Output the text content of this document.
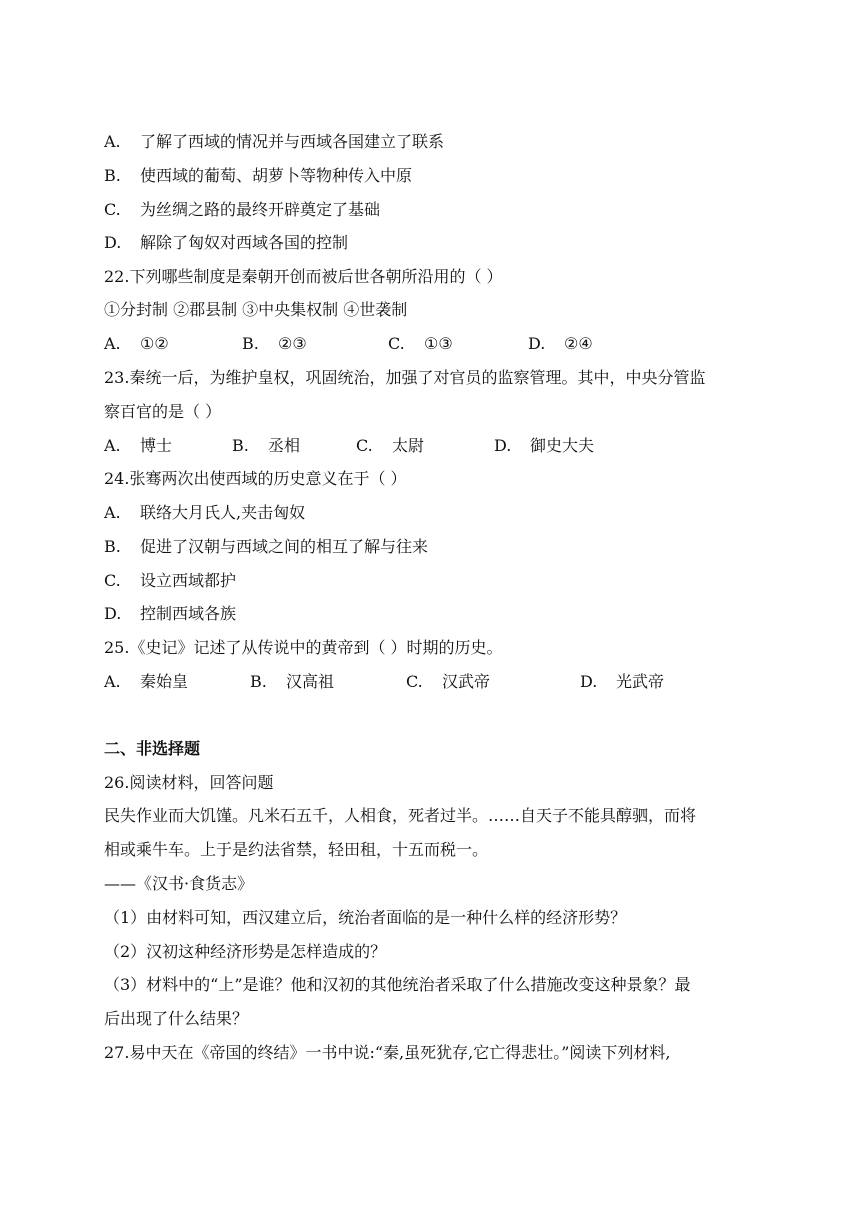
A. 了解了西域的情况并与西域各国建立了联系
B. 使西域的葡萄、胡萝卜等物种传入中原
C. 为丝绸之路的最终开辟奠定了基础
D. 解除了匈奴对西域各国的控制
22.下列哪些制度是秦朝开创而被后世各朝所沿用的（ ）
①分封制 ②郡县制 ③中央集权制 ④世袭制
A. ①②	B. ②③	C. ①③	D. ②④
23.秦统一后，为维护皇权，巩固统治，加强了对官员的监察管理。其中，中央分管监
察百官的是（ ）
A. 博士	B. 丞相	C. 太尉	D. 御史大夫
24.张骞两次出使西域的历史意义在于（ ）
A. 联络大月氏人,夹击匈奴
B. 促进了汉朝与西域之间的相互了解与往来
C. 设立西域都护
D. 控制西域各族
25.《史记》记述了从传说中的黄帝到（ ）时期的历史。
A. 秦始皇	B. 汉高祖	C. 汉武帝	D. 光武帝
二、非选择题
26.阅读材料，回答问题
民失作业而大饥馑。凡米石五千，人相食，死者过半。……自天子不能具醇驷，而将
相或乘牛车。上于是约法省禁，轻田租，十五而税一。
——《汉书·食货志》
（1）由材料可知，西汉建立后，统治者面临的是一种什么样的经济形势？
（2）汉初这种经济形势是怎样造成的？
（3）材料中的“上”是谁？他和汉初的其他统治者采取了什么措施改变这种景象？最
后出现了什么结果？
27.易中天在《帝国的终结》一书中说:“秦,虽死犹存,它亡得悲壮。”阅读下列材料,
